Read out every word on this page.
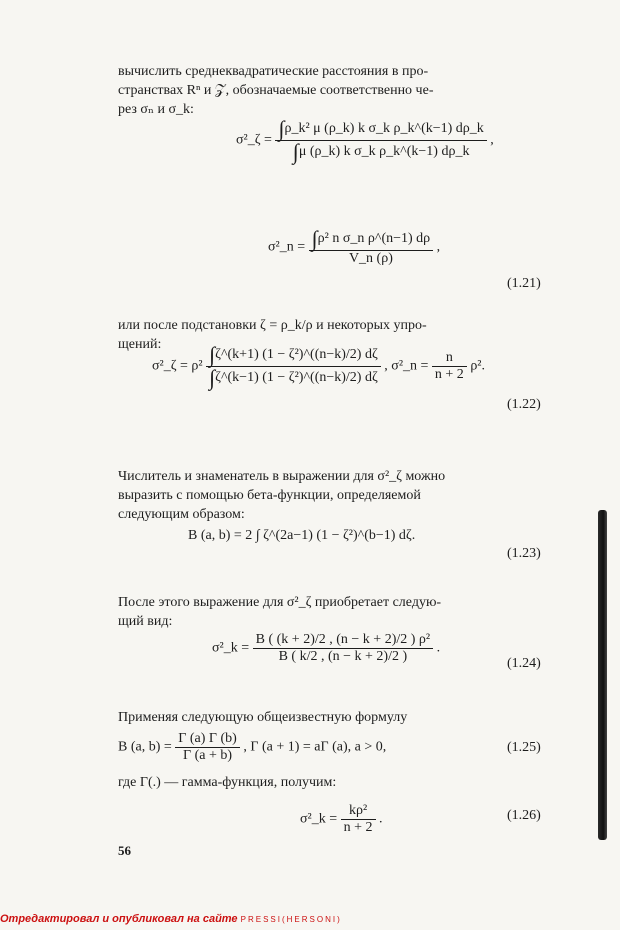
вычислить среднеквадратические расстояния в про-
странствах Rⁿ и 𝒵, обозначаемые соответственно че-
рез σₙ и σ_k:
σ²_ζ = $\frac{\text{∫ρ\_k² μ (ρ\_k) k σ\_k ρ\_k\textasciicircum{}(k−1) dρ\_k}}{\text{∫μ (ρ\_k) k σ\_k ρ\_k\textasciicircum{}(k−1) dρ\_k}}$ ,
σ²_n = $\frac{\text{∫ρ² n σ\_n ρ\textasciicircum{}(n−1) dρ}}{V\_n (\rho)}$ ,
(1.21)
или после подстановки ζ = ρ_k/ρ и некоторых упро-
щений:
σ²_ζ = $\rho^2 \frac{\text{∫ζ\textasciicircum{}(k+1) (1 − ζ²)\textasciicircum{}((n−k)/2) dζ}}{\text{∫ζ\textasciicircum{}(k−1) (1 − ζ²)\textasciicircum{}((n−k)/2) dζ}}$ , σ²_n = $\frac{n}{n + 2} \rho^2$.
(1.22)
Числитель и знаменатель в выражении для σ²_ζ можно
выразить с помощью бета-функции, определяемой
следующим образом:
B (a, b) = 2 ∫ ζ^(2a−1) (1 − ζ²)^(b−1) dζ.
(1.23)
После этого выражение для σ²_ζ приобретает следую-
щий вид:
σ²_k = $\frac{\text{B ( (k + 2)/2 , (n − k + 2)/2 ) ρ²}}{B ( k/2 , (n - k + 2)/2 )}$ .
(1.24)
Применяя следующую общеизвестную формулу
B (a, $b) = \frac{\Gamma (a) \Gamma (b)}{\Gamma (a + b)}$ , Γ (a + 1) = aΓ (a), a > 0,	(1.25)
где Γ(.) — гамма-функция, получим:
σ²_k = $\frac{\text{kρ²}}{n + 2}$ .	(1.26)
56
Отредактировал и опубликовал на сайте PRESSI(HERSONI)
